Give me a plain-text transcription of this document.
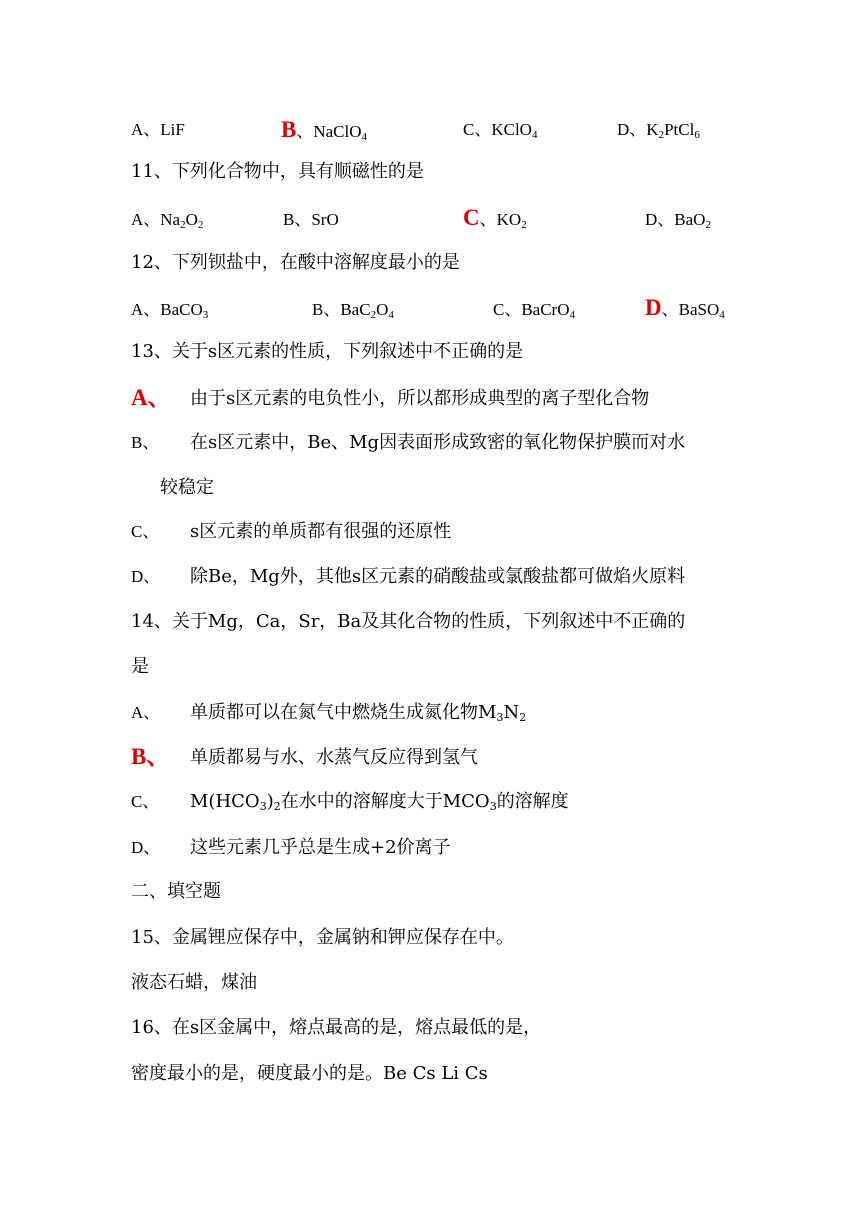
A、LiF	B、NaClO$_4$	C、KClO$_4$	D、$K_2PtCl_6$
11、下列化合物中，具有顺磁性的是
A、$Na_2O_2$	B、SrO	C、$KO_2$	D、BaO$_2$
12、下列钡盐中，在酸中溶解度最小的是
A、BaCO$_3$	B、$BaC_2O_4$	C、BaCrO$_4$	D、BaSO$_4$
13、关于s区元素的性质，下列叙述中不正确的是
A、 由于s区元素的电负性小，所以都形成典型的离子型化合物
B、 在s区元素中，Be、Mg因表面形成致密的氧化物保护膜而对水
较稳定
C、 s区元素的单质都有很强的还原性
D、 除Be，Mg外，其他s区元素的硝酸盐或氯酸盐都可做焰火原料
14、关于Mg，Ca，Sr，Ba及其化合物的性质，下列叙述中不正确的
是
A、 单质都可以在氮气中燃烧生成氮化物$M_3N_2$
B、 单质都易与水、水蒸气反应得到氢气
C、 $M(HCO_3)_2$在水中的溶解度大于$MCO_3$的溶解度
D、 这些元素几乎总是生成+2价离子
二、填空题
15、金属锂应保存中，金属钠和钾应保存在中。
液态石蜡，煤油
16、在s区金属中，熔点最高的是，熔点最低的是，
密度最小的是，硬度最小的是。Be Cs Li Cs
